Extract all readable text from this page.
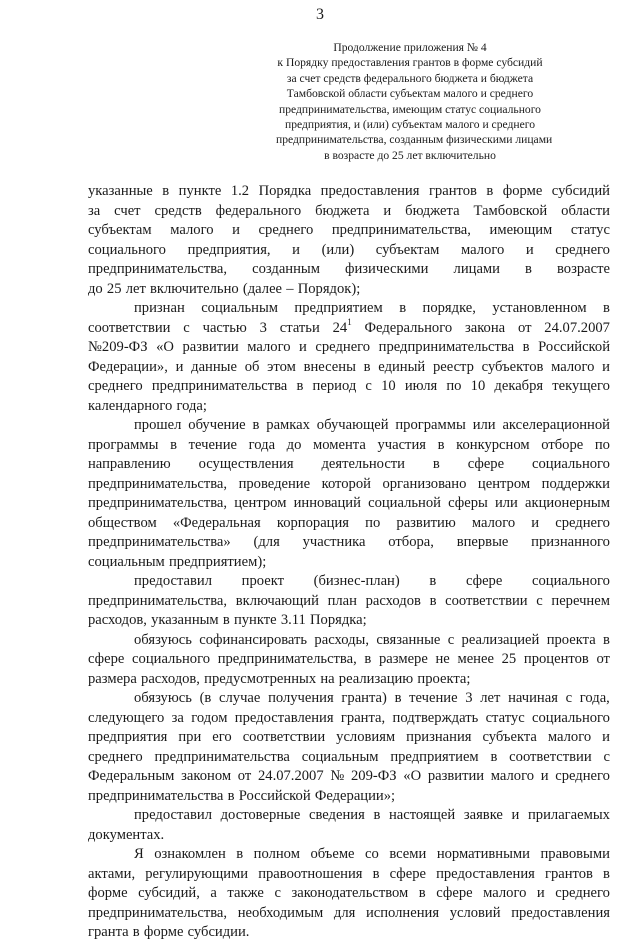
3
Продолжение приложения № 4
к Порядку предоставления грантов в форме субсидий
за счет средств федерального бюджета и бюджета
Тамбовской области субъектам малого и среднего
предпринимательства, имеющим статус социального
предприятия, и (или) субъектам малого и среднего
предпринимательства, созданным физическими лицами
в возрасте до 25 лет включительно
указанные в пункте 1.2 Порядка предоставления грантов в форме субсидий
за счет средств федерального бюджета и бюджета Тамбовской области
субъектам малого и среднего предпринимательства, имеющим статус
социального предприятия, и (или) субъектам малого и среднего
предпринимательства, созданным физическими лицами в возрасте
до 25 лет включительно (далее – Порядок);
признан социальным предприятием в порядке, установленном в
соответствии с частью 3 статьи $24^1$ Федерального закона от 24.07.2007
№209-ФЗ «О развитии малого и среднего предпринимательства в Российской
Федерации», и данные об этом внесены в единый реестр субъектов малого и
среднего предпринимательства в период с 10 июля по 10 декабря текущего
календарного года;
прошел обучение в рамках обучающей программы или акселерационной
программы в течение года до момента участия в конкурсном отборе по
направлению осуществления деятельности в сфере социального
предпринимательства, проведение которой организовано центром поддержки
предпринимательства, центром инноваций социальной сферы или акционерным
обществом «Федеральная корпорация по развитию малого и среднего
предпринимательства» (для участника отбора, впервые признанного
социальным предприятием);
предоставил проект (бизнес-план) в сфере социального
предпринимательства, включающий план расходов в соответствии с перечнем
расходов, указанным в пункте 3.11 Порядка;
обязуюсь софинансировать расходы, связанные с реализацией проекта в
сфере социального предпринимательства, в размере не менее 25 процентов от
размера расходов, предусмотренных на реализацию проекта;
обязуюсь (в случае получения гранта) в течение 3 лет начиная с года,
следующего за годом предоставления гранта, подтверждать статус социального
предприятия при его соответствии условиям признания субъекта малого и
среднего предпринимательства социальным предприятием в соответствии с
Федеральным законом от 24.07.2007 № 209-ФЗ «О развитии малого и среднего
предпринимательства в Российской Федерации»;
предоставил достоверные сведения в настоящей заявке и прилагаемых
документах.
Я ознакомлен в полном объеме со всеми нормативными правовыми
актами, регулирующими правоотношения в сфере предоставления грантов в
форме субсидий, а также с законодательством в сфере малого и среднего
предпринимательства, необходимым для исполнения условий предоставления
гранта в форме субсидии.
